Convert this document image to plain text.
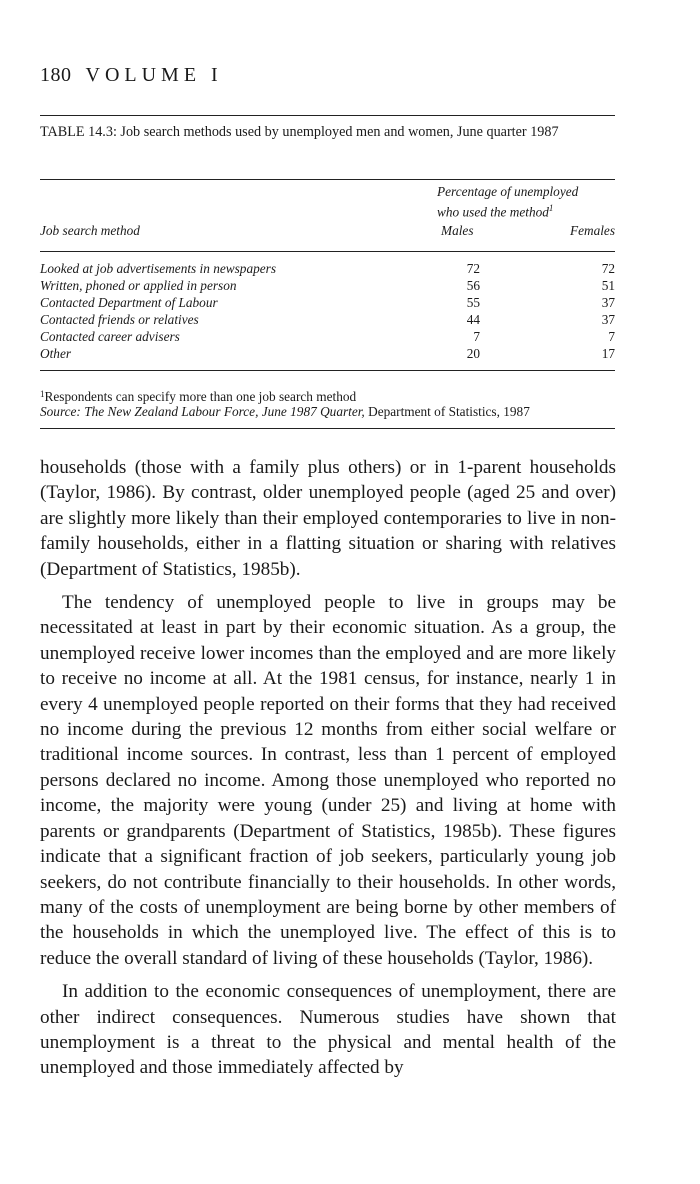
180 VOLUME I
TABLE 14.3: Job search methods used by unemployed men and women, June quarter 1987
Percentage of unemployed
who used the method$^1$
Job search method	Males	Females
Looked at job advertisements in newspapers	72	72
Written, phoned or applied in person	56	51
Contacted Department of Labour	55	37
Contacted friends or relatives	44	37
Contacted career advisers	7	7
Other	20	17
$^1$Respondents can specify more than one job search method
Source: The New Zealand Labour Force, June 1987 Quarter, Department of Statistics, 1987

households (those with a family plus others) or in 1-parent households (Taylor, 1986). By contrast, older unemployed people (aged 25 and over) are slightly more likely than their employed contemporaries to live in non-family households, either in a flatting situation or sharing with relatives (Department of Statistics, 1985b).

The tendency of unemployed people to live in groups may be necessitated at least in part by their economic situation. As a group, the unemployed receive lower incomes than the employed and are more likely to receive no income at all. At the 1981 census, for instance, nearly 1 in every 4 unemployed people reported on their forms that they had received no income during the previous 12 months from either social welfare or traditional income sources. In contrast, less than 1 percent of employed persons declared no income. Among those unemployed who reported no income, the majority were young (under 25) and living at home with parents or grandparents (Department of Statistics, 1985b). These figures indicate that a significant fraction of job seekers, particularly young job seekers, do not contribute financially to their households. In other words, many of the costs of unemployment are being borne by other members of the households in which the unemployed live. The effect of this is to reduce the overall standard of living of these households (Taylor, 1986).

In addition to the economic consequences of unemployment, there are other indirect consequences. Numerous studies have shown that unemployment is a threat to the physical and mental health of the unemployed and those immediately affected by
